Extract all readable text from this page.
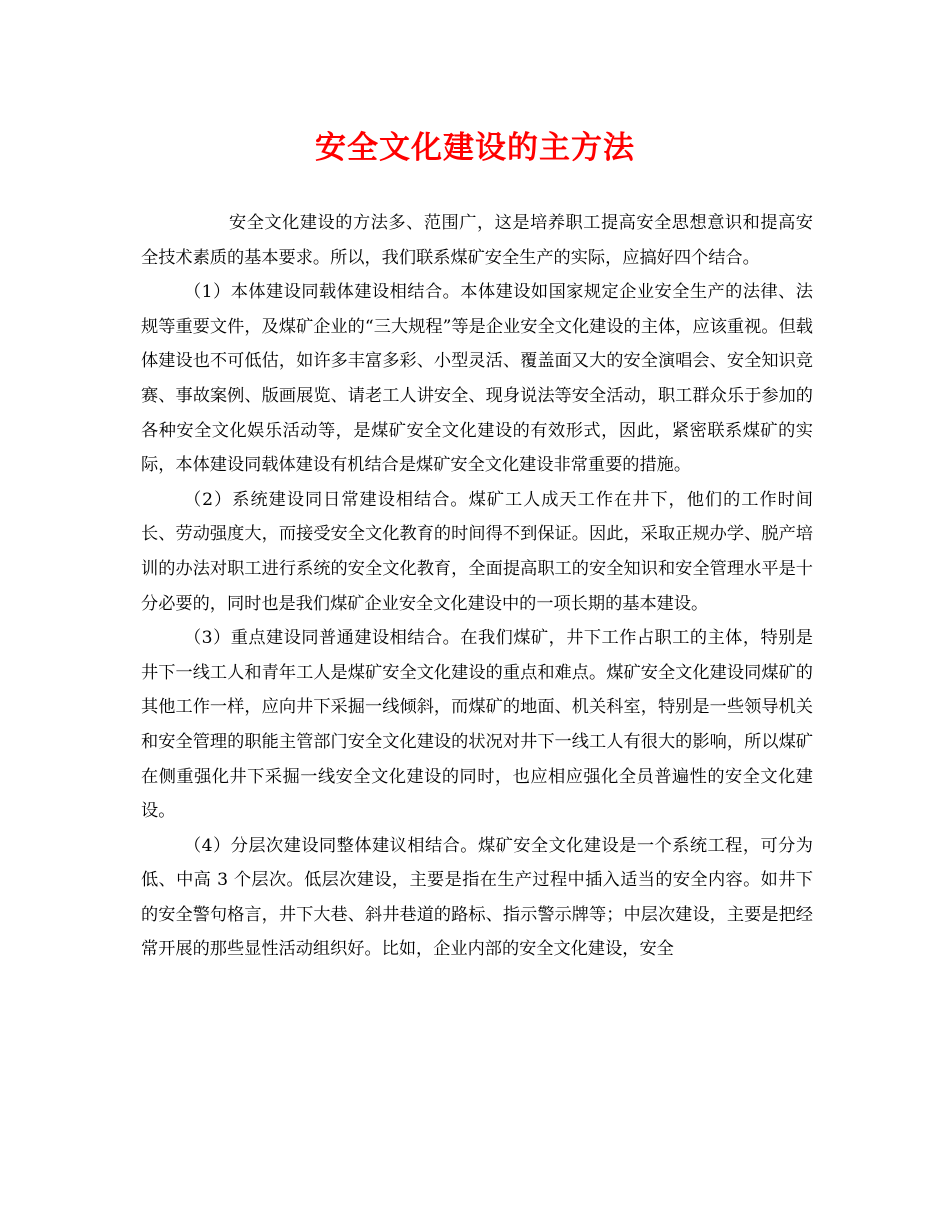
安全文化建设的主方法

安全文化建设的方法多、范围广，这是培养职工提高安全思想意识和提高安全技术素质的基本要求。所以，我们联系煤矿安全生产的实际，应搞好四个结合。

（1）本体建设同载体建设相结合。本体建设如国家规定企业安全生产的法律、法规等重要文件，及煤矿企业的“三大规程”等是企业安全文化建设的主体，应该重视。但载体建设也不可低估，如许多丰富多彩、小型灵活、覆盖面又大的安全演唱会、安全知识竞赛、事故案例、版画展览、请老工人讲安全、现身说法等安全活动，职工群众乐于参加的各种安全文化娱乐活动等，是煤矿安全文化建设的有效形式，因此，紧密联系煤矿的实际，本体建设同载体建设有机结合是煤矿安全文化建设非常重要的措施。

（2）系统建设同日常建设相结合。煤矿工人成天工作在井下，他们的工作时间长、劳动强度大，而接受安全文化教育的时间得不到保证。因此，采取正规办学、脱产培训的办法对职工进行系统的安全文化教育，全面提高职工的安全知识和安全管理水平是十分必要的，同时也是我们煤矿企业安全文化建设中的一项长期的基本建设。

（3）重点建设同普通建设相结合。在我们煤矿，井下工作占职工的主体，特别是井下一线工人和青年工人是煤矿安全文化建设的重点和难点。煤矿安全文化建设同煤矿的其他工作一样，应向井下采掘一线倾斜，而煤矿的地面、机关科室，特别是一些领导机关和安全管理的职能主管部门安全文化建设的状况对井下一线工人有很大的影响，所以煤矿在侧重强化井下采掘一线安全文化建设的同时，也应相应强化全员普遍性的安全文化建设。

（4）分层次建设同整体建议相结合。煤矿安全文化建设是一个系统工程，可分为低、中高 3 个层次。低层次建设，主要是指在生产过程中插入适当的安全内容。如井下的安全警句格言，井下大巷、斜井巷道的路标、指示警示牌等；中层次建设，主要是把经常开展的那些显性活动组织好。比如，企业内部的安全文化建设，安全
